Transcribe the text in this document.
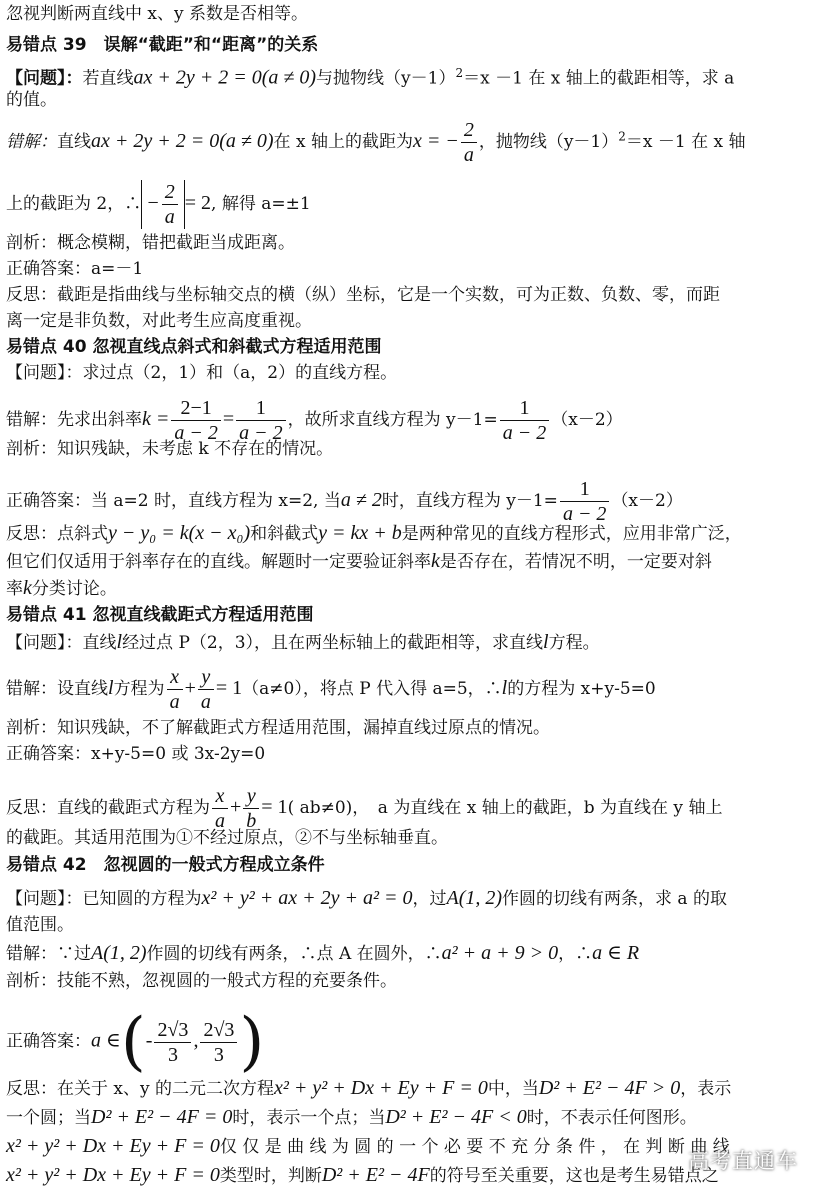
忽视判断两直线中 x、y 系数是否相等。
易错点 39　误解“截距”和“距离”的关系
【问题】：若直线ax + 2y + 2 = 0(a ≠ 0)与抛物线$(y-1)^2=x -1$ 在 x 轴上的截距相等，求 a
的值。
错解：直线ax + 2y + 2 = 0(a ≠ 0)在 x 轴上的截距为x = − $\frac{2}{a}$ ，抛物线$(y-1)^2=x -1$ 在 x 轴
上的截距为 2，∴ − $\frac{2}{a} = 2$, 解得 a=±1
剖析：概念模糊，错把截距当成距离。
正确答案：a=－1
反思：截距是指曲线与坐标轴交点的横（纵）坐标，它是一个实数，可为正数、负数、零，而距
离一定是非负数，对此考生应高度重视。
易错点 40 忽视直线点斜式和斜截式方程适用范围
【问题】：求过点（2，1）和（a，2）的直线方程。
错解：先求出斜率$k = \frac{2-1}{a - 2} = \frac{1}{a - 2}$ ，故所求直线方程为 $y-1= \frac{1}{a - 2} (x-2)$
剖析：知识残缺，未考虑 k 不存在的情况。
正确答案：当 a=2 时，直线方程为 x=2, 当a ≠ 2时，直线方程为 $y-1= \frac{1}{a - 2} (x-2)$
反思：点斜式y − y₀ = k(x − x₀)和斜截式y = kx + b是两种常见的直线方程形式，应用非常广泛，
但它们仅适用于斜率存在的直线。解题时一定要验证斜率k是否存在，若情况不明，一定要对斜
率k分类讨论。
易错点 41 忽视直线截距式方程适用范围
【问题】：直线l经过点 P（2，3），且在两坐标轴上的截距相等，求直线l方程。
错解：设直线l方程为 $\frac{x}{a} + \frac{y}{a} = 1(a\ne 0)$，将点 P 代入得 a=5，∴l的方程为 x+y-5=0
剖析：知识残缺，不了解截距式方程适用范围，漏掉直线过原点的情况。
正确答案：x+y-5=0 或 3x-2y=0
反思：直线的截距式方程为 $\frac{x}{a} + \frac{y}{b} = 1$( ab≠0)，　a 为直线在 x 轴上的截距，b 为直线在 y 轴上
的截距。其适用范围为①不经过原点，②不与坐标轴垂直。
易错点 42　忽视圆的一般式方程成立条件
【问题】：已知圆的方程为x² + y² + ax + 2y + a² = 0，过A(1, 2)作圆的切线有两条，求 a 的取
值范围。
错解：∵过A(1, 2)作圆的切线有两条，∴点 A 在圆外，∴a² + a + 9 > 0，∴a ∈ R
剖析：技能不熟，忽视圆的一般式方程的充要条件。
正确答案：a ∈(- $\frac{2√3}{3}$ , $\frac{2√3}{3}$ )
反思：在关于 x、y 的二元二次方程x² + y² + Dx + Ey + F = 0中，当D² + E² − 4F > 0，表示
一个圆；当D² + E² − 4F = 0时，表示一个点；当D² + E² − 4F < 0时，不表示任何图形。
x² + y² + Dx + Ey + F = 0仅 仅 是 曲 线 为 圆 的 一 个 必 要 不 充 分 条 件 ， 在 判 断 曲 线
x² + y² + Dx + Ey + F = 0类型时，判断D² + E² − 4F的符号至关重要，这也是考生易错点之
高考直通车
